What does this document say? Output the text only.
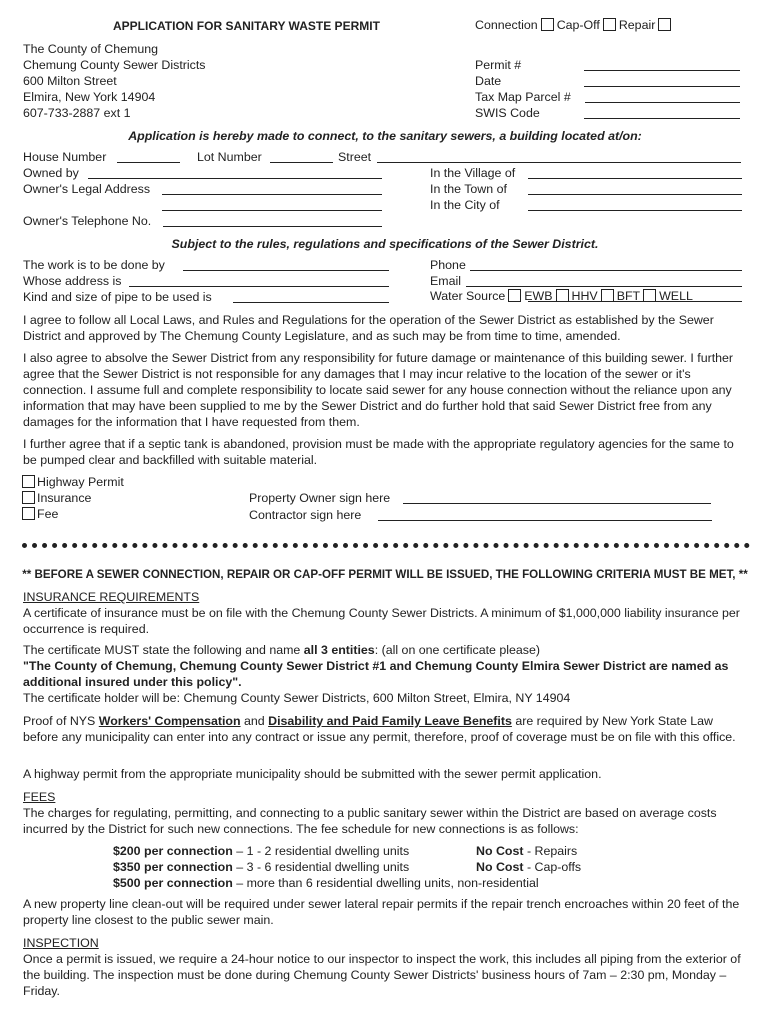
APPLICATION FOR SANITARY WASTE PERMIT	Connection Cap-Off Repair
The County of Chemung
Chemung County Sewer Districts
600 Milton Street
Elmira, New York 14904
607-733-2887 ext 1
Permit #
Date
Tax Map Parcel #
SWIS Code
Application is hereby made to connect, to the sanitary sewers, a building located at/on:
House Number	Lot Number	Street
Owned by
Owner's Legal Address
Owner's Telephone No.
In the Village of
In the Town of
In the City of
Subject to the rules, regulations and specifications of the Sewer District.
The work is to be done by
Whose address is
Kind and size of pipe to be used is
Phone
Email
Water Source EWB HHV BFT WELL
I agree to follow all Local Laws, and Rules and Regulations for the operation of the Sewer District as established by the Sewer District and approved by The Chemung County Legislature, and as such may be from time to time, amended.
I also agree to absolve the Sewer District from any responsibility for future damage or maintenance of this building sewer. I further agree that the Sewer District is not responsible for any damages that I may incur relative to the location of the sewer or it's connection. I assume full and complete responsibility to locate said sewer for any house connection without the reliance upon any information that may have been supplied to me by the Sewer District and do further hold that said Sewer District free from any damages for the information that I have requested from them.
I further agree that if a septic tank is abandoned, provision must be made with the appropriate regulatory agencies for the same to be pumped clear and backfilled with suitable material.
Highway Permit
Insurance
Fee
Property Owner sign here
Contractor sign here
** BEFORE A SEWER CONNECTION, REPAIR OR CAP-OFF PERMIT WILL BE ISSUED, THE FOLLOWING CRITERIA MUST BE MET, **
INSURANCE REQUIREMENTS
A certificate of insurance must be on file with the Chemung County Sewer Districts. A minimum of $1,000,000 liability insurance per occurrence is required.
The certificate MUST state the following and name all 3 entities: (all on one certificate please)
"The County of Chemung, Chemung County Sewer District #1 and Chemung County Elmira Sewer District are named as additional insured under this policy".
The certificate holder will be: Chemung County Sewer Districts, 600 Milton Street, Elmira, NY 14904
Proof of NYS Workers' Compensation and Disability and Paid Family Leave Benefits are required by New York State Law before any municipality can enter into any contract or issue any permit, therefore, proof of coverage must be on file with this office.
A highway permit from the appropriate municipality should be submitted with the sewer permit application.
FEES
The charges for regulating, permitting, and connecting to a public sanitary sewer within the District are based on average costs incurred by the District for such new connections. The fee schedule for new connections is as follows:
$200 per connection – 1 - 2 residential dwelling units	No Cost - Repairs
$350 per connection – 3 - 6 residential dwelling units	No Cost - Cap-offs
$500 per connection – more than 6 residential dwelling units, non-residential
A new property line clean-out will be required under sewer lateral repair permits if the repair trench encroaches within 20 feet of the property line closest to the public sewer main.
INSPECTION
Once a permit is issued, we require a 24-hour notice to our inspector to inspect the work, this includes all piping from the exterior of the building. The inspection must be done during Chemung County Sewer Districts' business hours of 7am – 2:30 pm, Monday – Friday.
